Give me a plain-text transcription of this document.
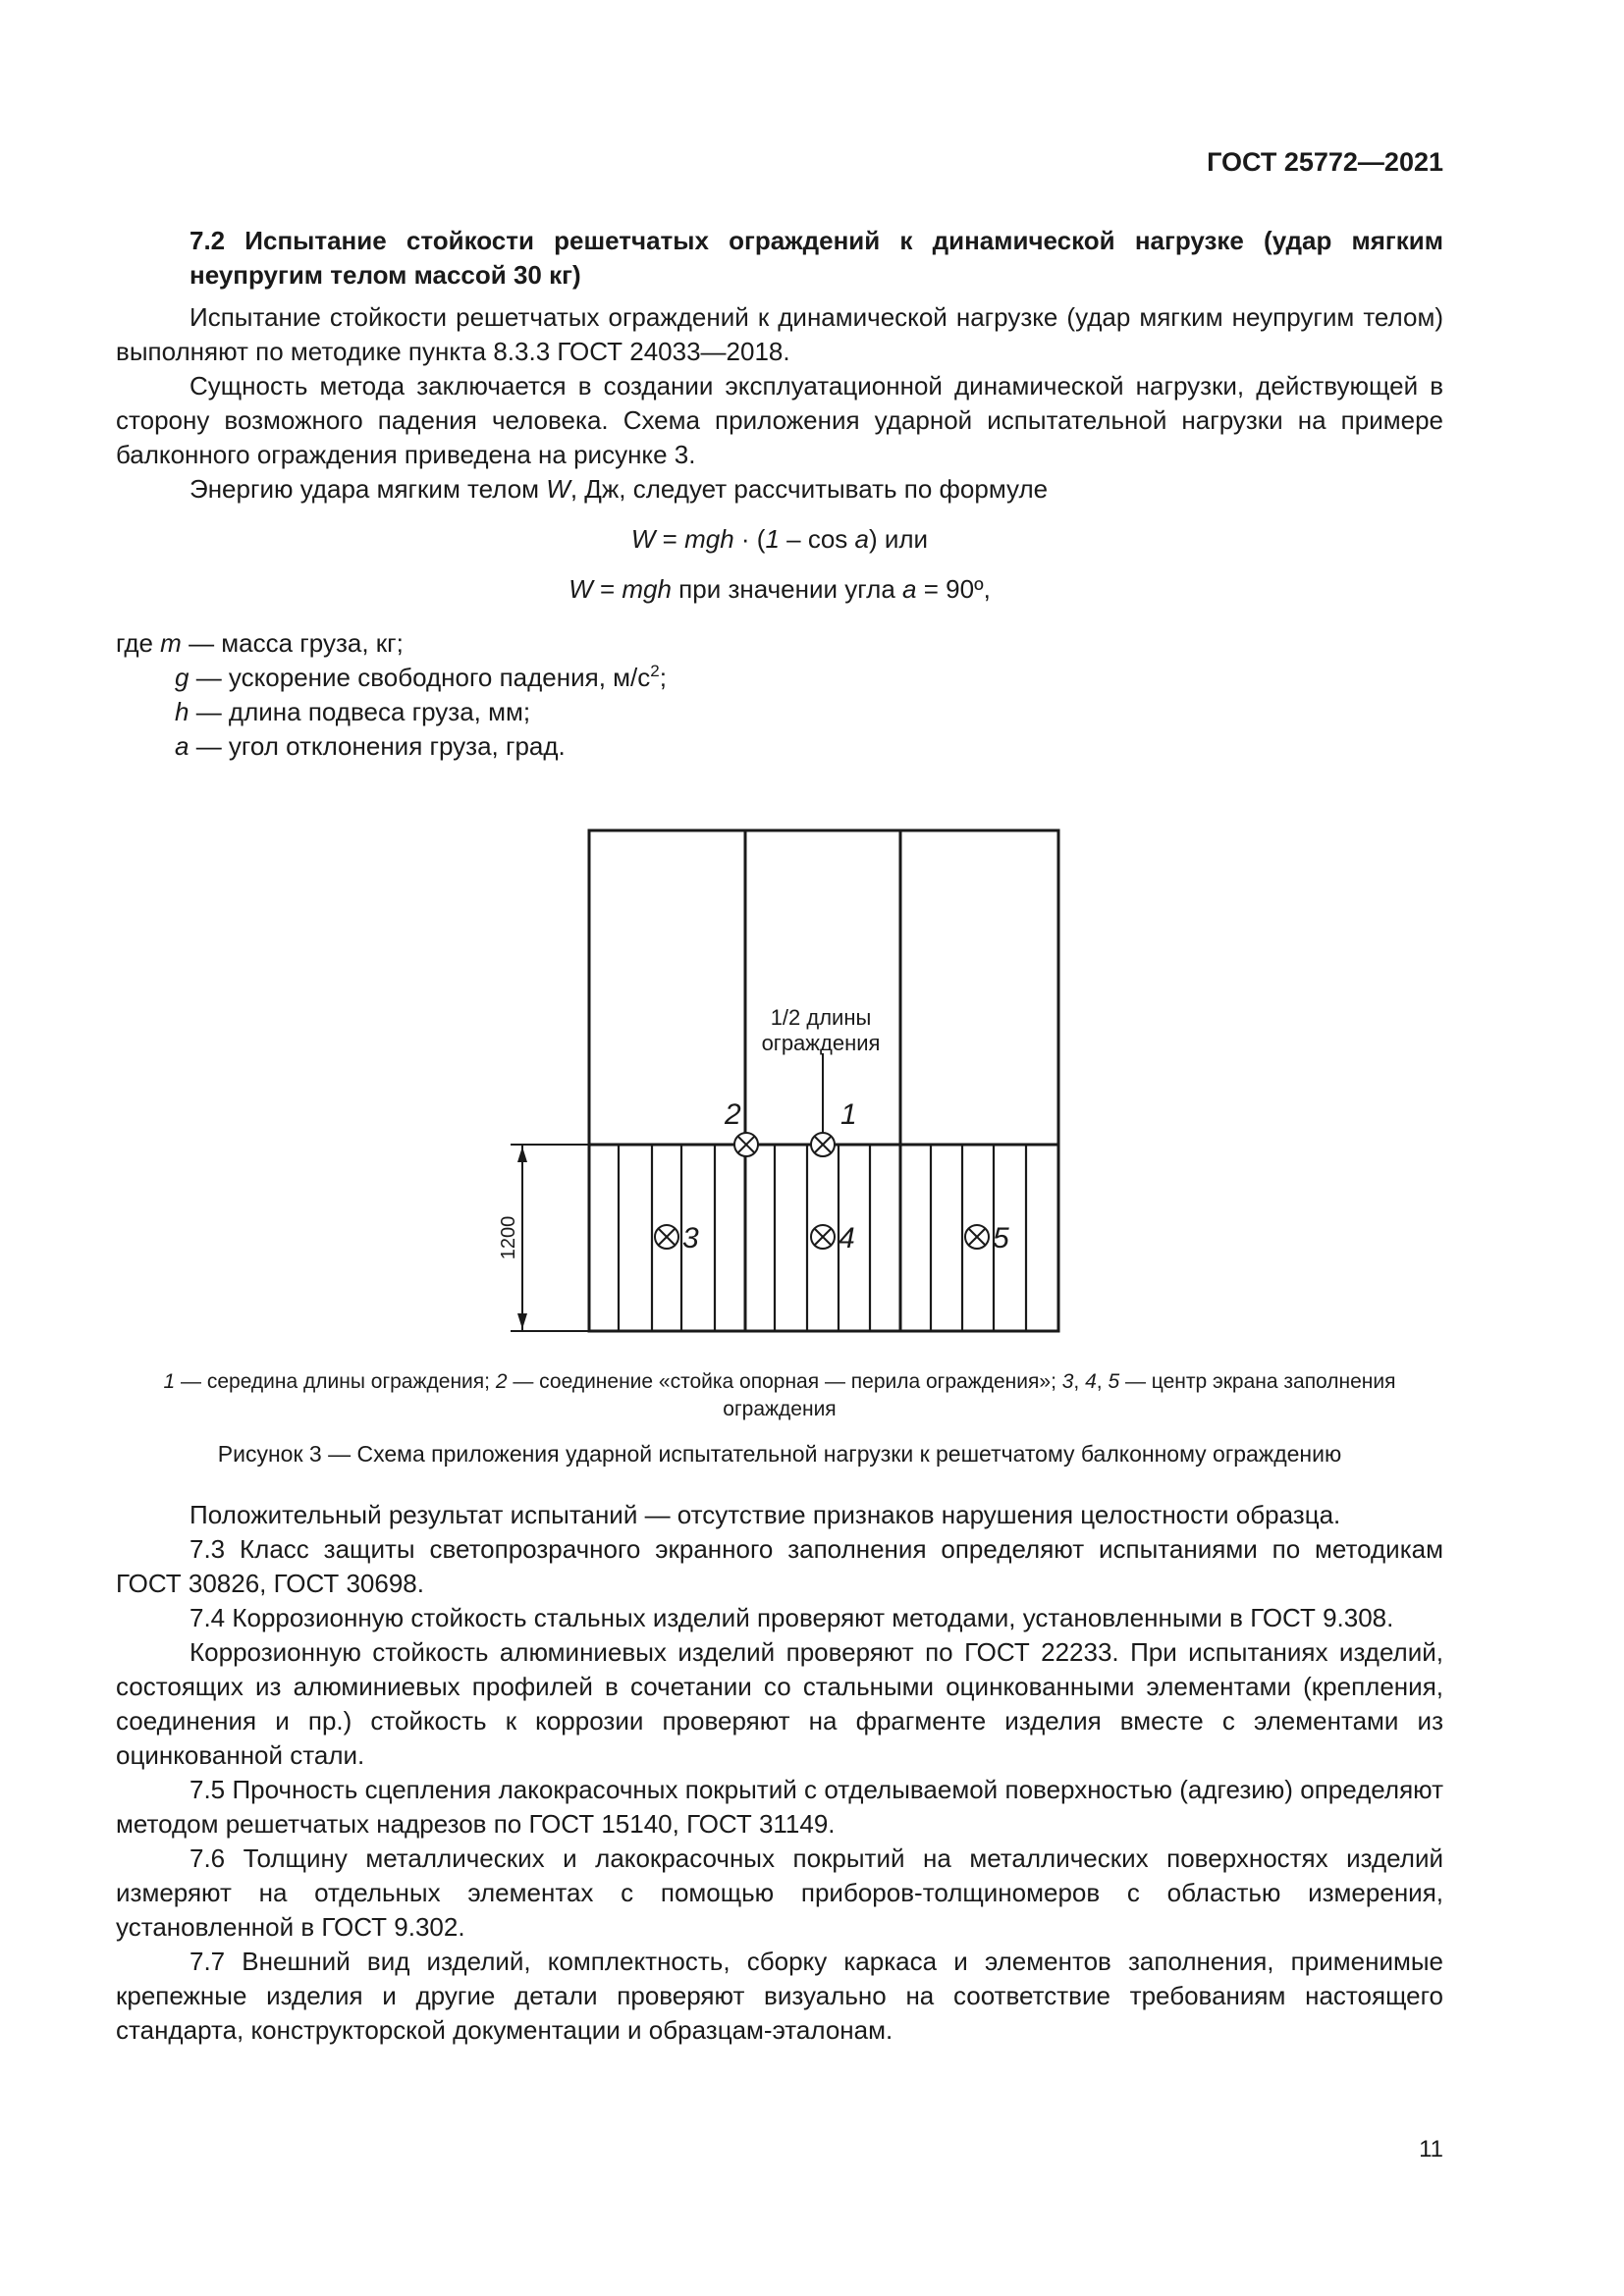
ГОСТ 25772—2021

7.2 Испытание стойкости решетчатых ограждений к динамической нагрузке (удар мягким неупругим телом массой 30 кг)

Испытание стойкости решетчатых ограждений к динамической нагрузке (удар мягким неупругим телом) выполняют по методике пункта 8.3.3 ГОСТ 24033—2018.

Сущность метода заключается в создании эксплуатационной динамической нагрузки, действующей в сторону возможного падения человека. Схема приложения ударной испытательной нагрузки на примере балконного ограждения приведена на рисунке 3.

Энергию удара мягким телом W, Дж, следует рассчитывать по формуле

W = mgh · (1 – cos a) или

W = mgh при значении угла a = 90º,

где m — масса груза, кг;

g — ускорение свободного падения, $м/с^2$;

h — длина подвеса груза, мм;

a — угол отклонения груза, град.

1200
1/2 длины
ограждения
2	1
3	4	5

1 — середина длины ограждения; 2 — соединение «стойка опорная — перила ограждения»; 3, 4, 5 — центр экрана заполнения ограждения

Рисунок 3 — Схема приложения ударной испытательной нагрузки к решетчатому балконному ограждению

Положительный результат испытаний — отсутствие признаков нарушения целостности образца.

7.3 Класс защиты светопрозрачного экранного заполнения определяют испытаниями по методикам ГОСТ 30826, ГОСТ 30698.

7.4 Коррозионную стойкость стальных изделий проверяют методами, установленными в ГОСТ 9.308.

Коррозионную стойкость алюминиевых изделий проверяют по ГОСТ 22233. При испытаниях изделий, состоящих из алюминиевых профилей в сочетании со стальными оцинкованными элементами (крепления, соединения и пр.) стойкость к коррозии проверяют на фрагменте изделия вместе с элементами из оцинкованной стали.

7.5 Прочность сцепления лакокрасочных покрытий с отделываемой поверхностью (адгезию) определяют методом решетчатых надрезов по ГОСТ 15140, ГОСТ 31149.

7.6 Толщину металлических и лакокрасочных покрытий на металлических поверхностях изделий измеряют на отдельных элементах с помощью приборов-толщиномеров с областью измерения, установленной в ГОСТ 9.302.

7.7 Внешний вид изделий, комплектность, сборку каркаса и элементов заполнения, применимые крепежные изделия и другие детали проверяют визуально на соответствие требованиям настоящего стандарта, конструкторской документации и образцам-эталонам.

11
